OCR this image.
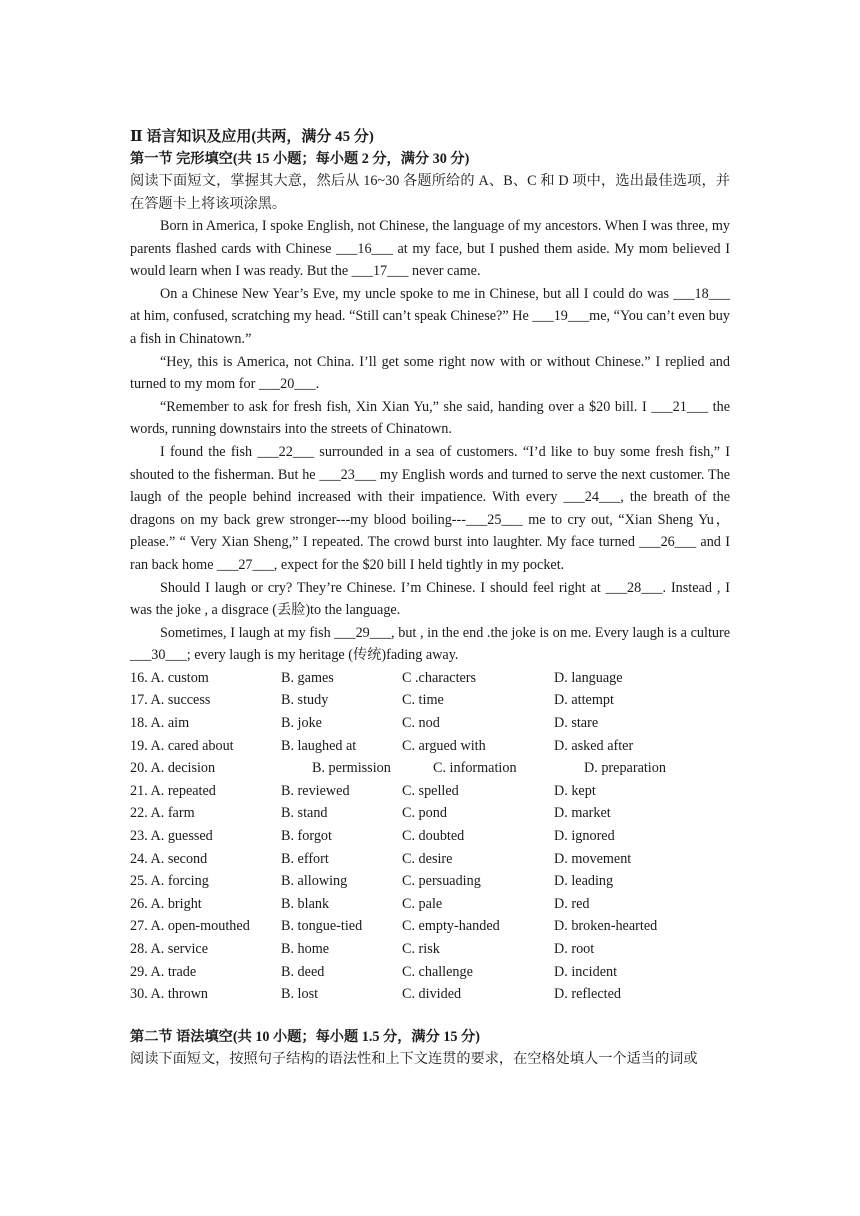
Ⅱ 语言知识及应用(共两，满分 45 分)
第一节 完形填空(共 15 小题；每小题 2 分，满分 30 分)
阅读下面短文，掌握其大意，然后从 16~30 各题所给的 A、B、C 和 D 项中，选出最佳选项，并在答题卡上将该项涂黑。
Born in America, I spoke English, not Chinese, the language of my ancestors. When I was three, my parents flashed cards with Chinese ___16___ at my face, but I pushed them aside. My mom believed I would learn when I was ready. But the ___17___ never came.
On a Chinese New Year’s Eve, my uncle spoke to me in Chinese, but all I could do was ___18___ at him, confused, scratching my head. “Still can’t speak Chinese?” He ___19___me, “You can’t even buy a fish in Chinatown.”
“Hey, this is America, not China. I’ll get some right now with or without Chinese.” I replied and turned to my mom for ___20___.
“Remember to ask for fresh fish, Xin Xian Yu,” she said, handing over a $20 bill. I ___21___ the words, running downstairs into the streets of Chinatown.
I found the fish ___22___ surrounded in a sea of customers. “I’d like to buy some fresh fish,” I shouted to the fisherman. But he ___23___ my English words and turned to serve the next customer. The laugh of the people behind increased with their impatience. With every ___24___, the breath of the dragons on my back grew stronger---my blood boiling---___25___ me to cry out, “Xian Sheng Yu， please.” “ Very Xian Sheng,” I repeated. The crowd burst into laughter. My face turned ___26___ and I ran back home ___27___, expect for the $20 bill I held tightly in my pocket.
Should I laugh or cry? They’re Chinese. I’m Chinese. I should feel right at ___28___. Instead , I was the joke , a disgrace (丢脸)to the language.
Sometimes, I laugh at my fish ___29___, but , in the end .the joke is on me. Every laugh is a culture ___30___; every laugh is my heritage (传统)fading away.
16. A. custom	B. games	C .characters	D. language
17. A. success	B. study	C. time	D. attempt
18. A. aim	B. joke	C. nod	D. stare
19. A. cared about	B. laughed at	C. argued with	D. asked after
20. A. decision	B. permission	C. information	D. preparation
21. A. repeated	B. reviewed	C. spelled	D. kept
22. A. farm	B. stand	C. pond	D. market
23. A. guessed	B. forgot	C. doubted	D. ignored
24. A. second	B. effort	C. desire	D. movement
25. A. forcing	B. allowing	C. persuading	D. leading
26. A. bright	B. blank	C. pale	D. red
27. A. open-mouthed B. tongue-tied	C. empty-handed	D. broken-hearted
28. A. service	B. home	C. risk	D. root
29. A. trade	B. deed	C. challenge	D. incident
30. A. thrown	B. lost	C. divided	D. reflected
第二节 语法填空(共 10 小题；每小题 1.5 分，满分 15 分)
阅读下面短文，按照句子结构的语法性和上下文连贯的要求，在空格处填人一个适当的词或
